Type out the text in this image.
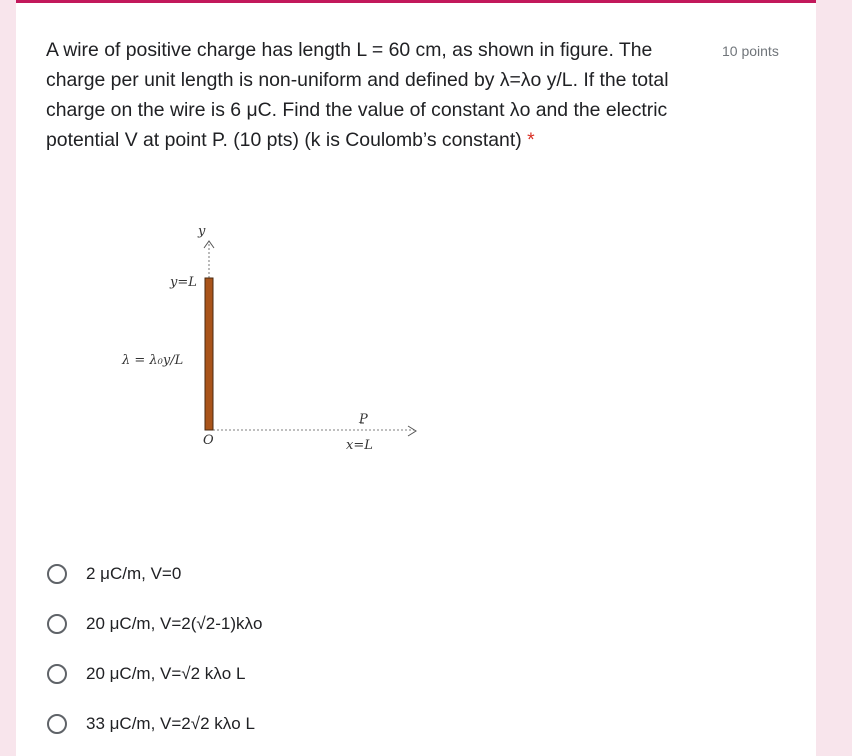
A wire of positive charge has length L = 60 cm, as shown in figure. The charge per unit length is non-uniform and defined by λ=λo y/L. If the total charge on the wire is 6 μC. Find the value of constant λo and the electric potential V at point P. (10 pts) (k is Coulomb’s constant) *
10 points
y
y=L
λ = λ₀y/L
O
P
x=L
2 μC/m, V=0
20 μC/m, V=2(√2-1)kλo
20 μC/m, V=√2 kλo L
33 μC/m, V=2√2 kλo L
